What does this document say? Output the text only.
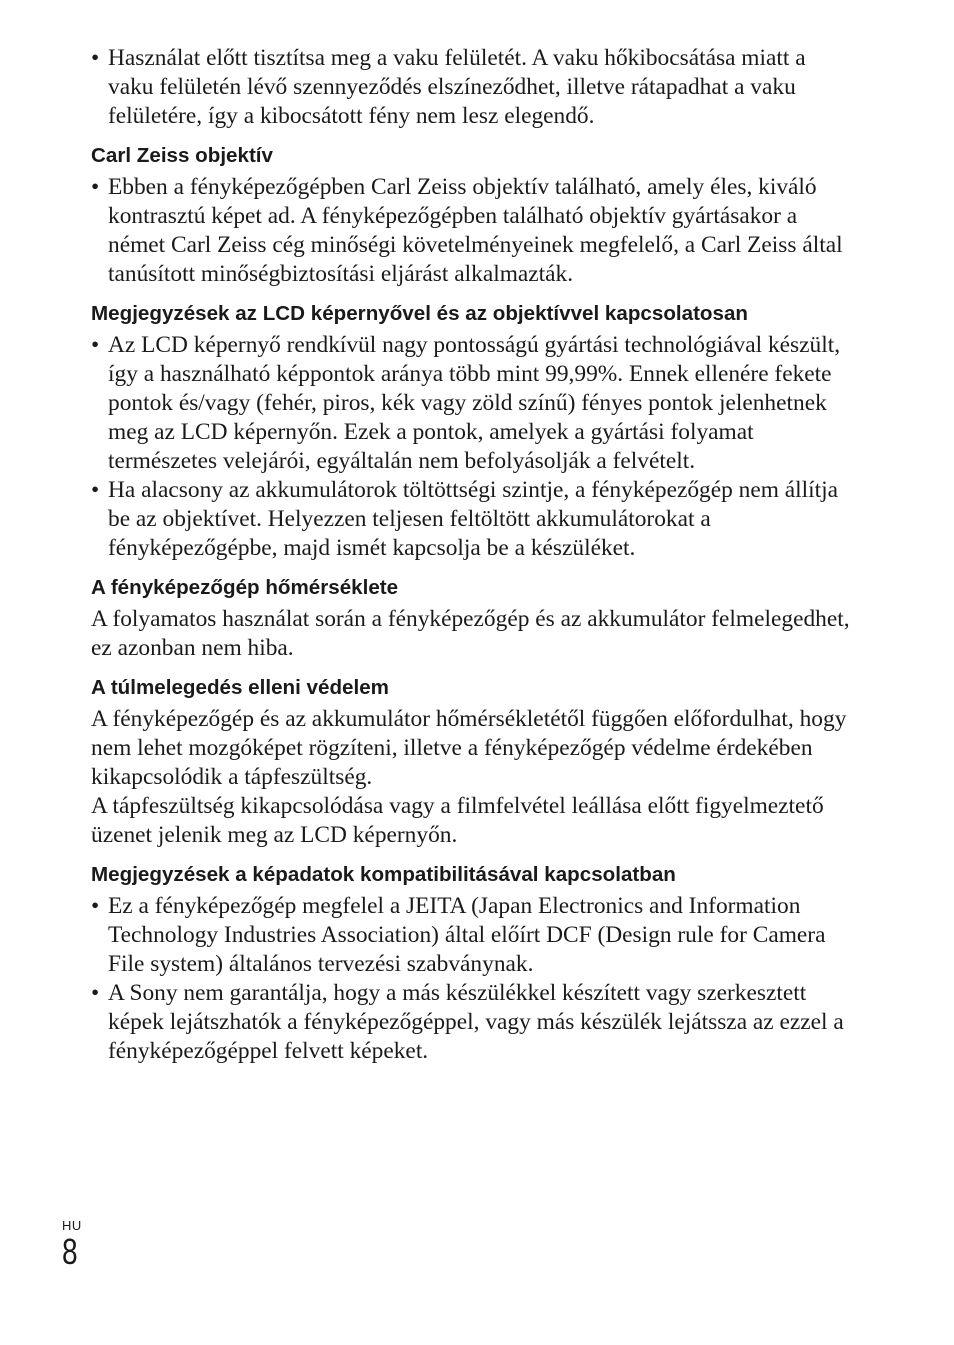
• Használat előtt tisztítsa meg a vaku felületét. A vaku hőkibocsátása miatt a vaku felületén lévő szennyeződés elszíneződhet, illetve rátapadhat a vaku felületére, így a kibocsátott fény nem lesz elegendő.

Carl Zeiss objektív

• Ebben a fényképezőgépben Carl Zeiss objektív található, amely éles, kiváló kontrasztú képet ad. A fényképezőgépben található objektív gyártásakor a német Carl Zeiss cég minőségi követelményeinek megfelelő, a Carl Zeiss által tanúsított minőségbiztosítási eljárást alkalmazták.

Megjegyzések az LCD képernyővel és az objektívvel kapcsolatosan

• Az LCD képernyő rendkívül nagy pontosságú gyártási technológiával készült, így a használható képpontok aránya több mint 99,99%. Ennek ellenére fekete pontok és/vagy (fehér, piros, kék vagy zöld színű) fényes pontok jelenhetnek meg az LCD képernyőn. Ezek a pontok, amelyek a gyártási folyamat természetes velejárói, egyáltalán nem befolyásolják a felvételt.

• Ha alacsony az akkumulátorok töltöttségi szintje, a fényképezőgép nem állítja be az objektívet. Helyezzen teljesen feltöltött akkumulátorokat a fényképezőgépbe, majd ismét kapcsolja be a készüléket.

A fényképezőgép hőmérséklete

A folyamatos használat során a fényképezőgép és az akkumulátor felmelegedhet, ez azonban nem hiba.

A túlmelegedés elleni védelem

A fényképezőgép és az akkumulátor hőmérsékletétől függően előfordulhat, hogy nem lehet mozgóképet rögzíteni, illetve a fényképezőgép védelme érdekében kikapcsolódik a tápfeszültség.

A tápfeszültség kikapcsolódása vagy a filmfelvétel leállása előtt figyelmeztető üzenet jelenik meg az LCD képernyőn.

Megjegyzések a képadatok kompatibilitásával kapcsolatban

• Ez a fényképezőgép megfelel a JEITA (Japan Electronics and Information Technology Industries Association) által előírt DCF (Design rule for Camera File system) általános tervezési szabványnak.

• A Sony nem garantálja, hogy a más készülékkel készített vagy szerkesztett képek lejátszhatók a fényképezőgéppel, vagy más készülék lejátssza az ezzel a fényképezőgéppel felvett képeket.

HU
8
